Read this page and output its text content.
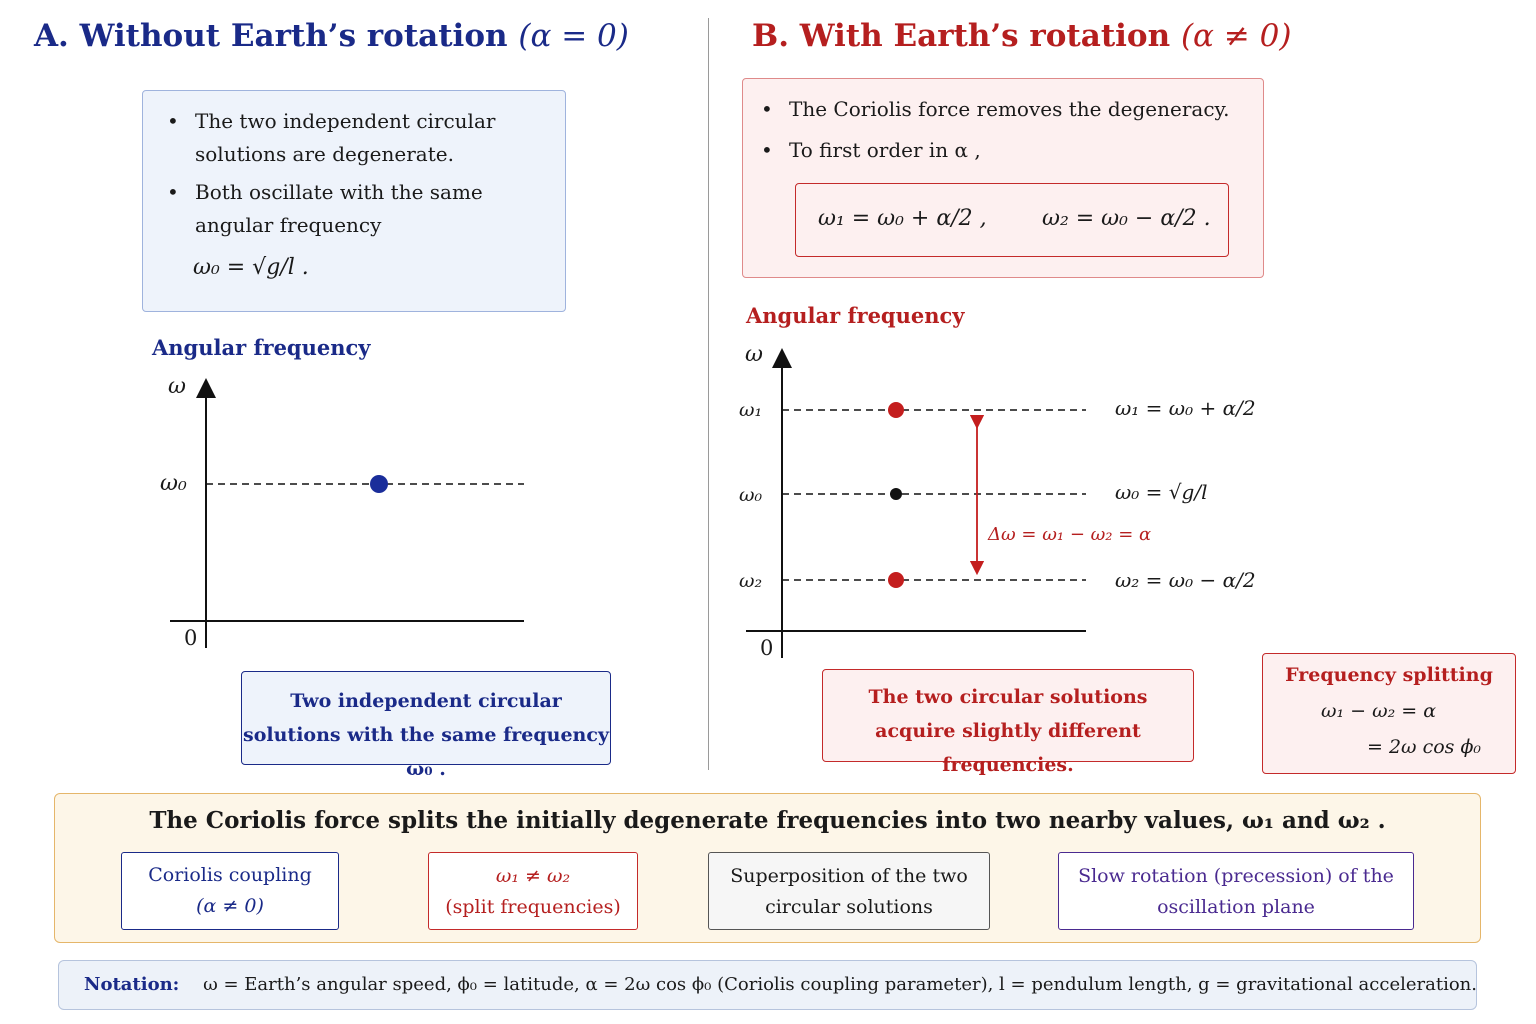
A. Without Earth’s rotation (α = 0)
• The two independent circular solutions are degenerate.
• Both oscillate with the same angular frequency
ω₀ = √g/l .
Angular frequency
ω
ω₀
0
Two independent circular solutions with the same frequency ω₀ .
B. With Earth’s rotation (α ≠ 0)
• The Coriolis force removes the degeneracy.
• To first order in α ,
ω₁ = ω₀ + α/2 ,	ω₂ = ω₀ − α/2 .
Angular frequency
ω
ω₁
ω₀
ω₂
0
ω₁ = ω₀ + α/2
ω₀ = √g/l
ω₂ = ω₀ − α/2
Δω = ω₁ − ω₂ = α
The two circular solutions acquire slightly different frequencies.
Frequency splitting
ω₁ − ω₂ = α
= 2ω cos ϕ₀
The Coriolis force splits the initially degenerate frequencies into two nearby values, ω₁ and ω₂ .
Coriolis coupling
(α ≠ 0)
ω₁ ≠ ω₂
(split frequencies)
Superposition of the two
circular solutions
Slow rotation (precession) of the
oscillation plane
Notation: ω = Earth’s angular speed, ϕ₀ = latitude, α = 2ω cos ϕ₀ (Coriolis coupling parameter), l = pendulum length, g = gravitational acceleration.
